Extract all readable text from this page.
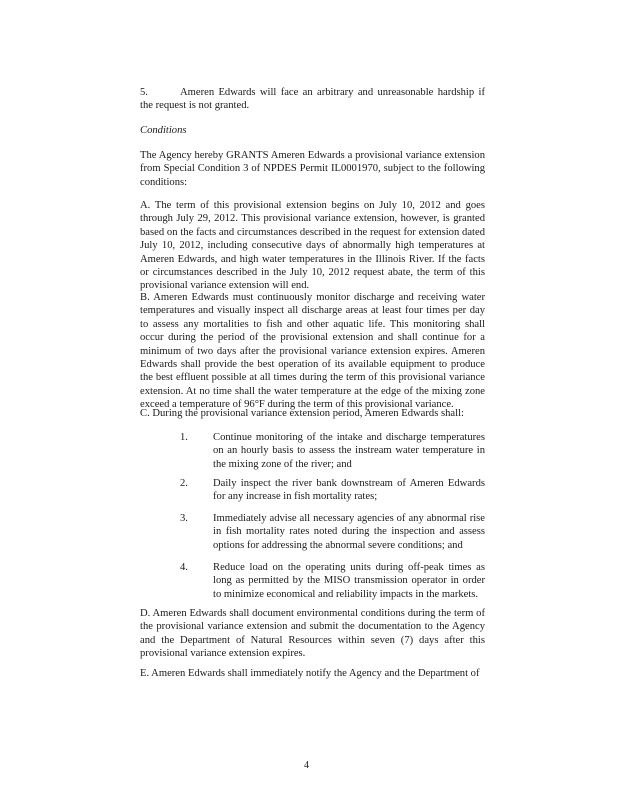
5.	Ameren Edwards will face an arbitrary and unreasonable hardship if the request is not granted.

Conditions

The Agency hereby GRANTS Ameren Edwards a provisional variance extension from Special Condition 3 of NPDES Permit IL0001970, subject to the following conditions:

A. The term of this provisional extension begins on July 10, 2012 and goes through July 29, 2012. This provisional variance extension, however, is granted based on the facts and circumstances described in the request for extension dated July 10, 2012, including consecutive days of abnormally high temperatures at Ameren Edwards, and high water temperatures in the Illinois River. If the facts or circumstances described in the July 10, 2012 request abate, the term of this provisional variance extension will end.

B. Ameren Edwards must continuously monitor discharge and receiving water temperatures and visually inspect all discharge areas at least four times per day to assess any mortalities to fish and other aquatic life. This monitoring shall occur during the period of the provisional extension and shall continue for a minimum of two days after the provisional variance extension expires. Ameren Edwards shall provide the best operation of its available equipment to produce the best effluent possible at all times during the term of this provisional variance extension. At no time shall the water temperature at the edge of the mixing zone exceed a temperature of 96°F during the term of this provisional variance.

C. During the provisional variance extension period, Ameren Edwards shall:

1. Continue monitoring of the intake and discharge temperatures on an hourly basis to assess the instream water temperature in the mixing zone of the river; and
2. Daily inspect the river bank downstream of Ameren Edwards for any increase in fish mortality rates;
3. Immediately advise all necessary agencies of any abnormal rise in fish mortality rates noted during the inspection and assess options for addressing the abnormal severe conditions; and
4. Reduce load on the operating units during off-peak times as long as permitted by the MISO transmission operator in order to minimize economical and reliability impacts in the markets.

D. Ameren Edwards shall document environmental conditions during the term of the provisional variance extension and submit the documentation to the Agency and the Department of Natural Resources within seven (7) days after this provisional variance extension expires.

E. Ameren Edwards shall immediately notify the Agency and the Department of

4
